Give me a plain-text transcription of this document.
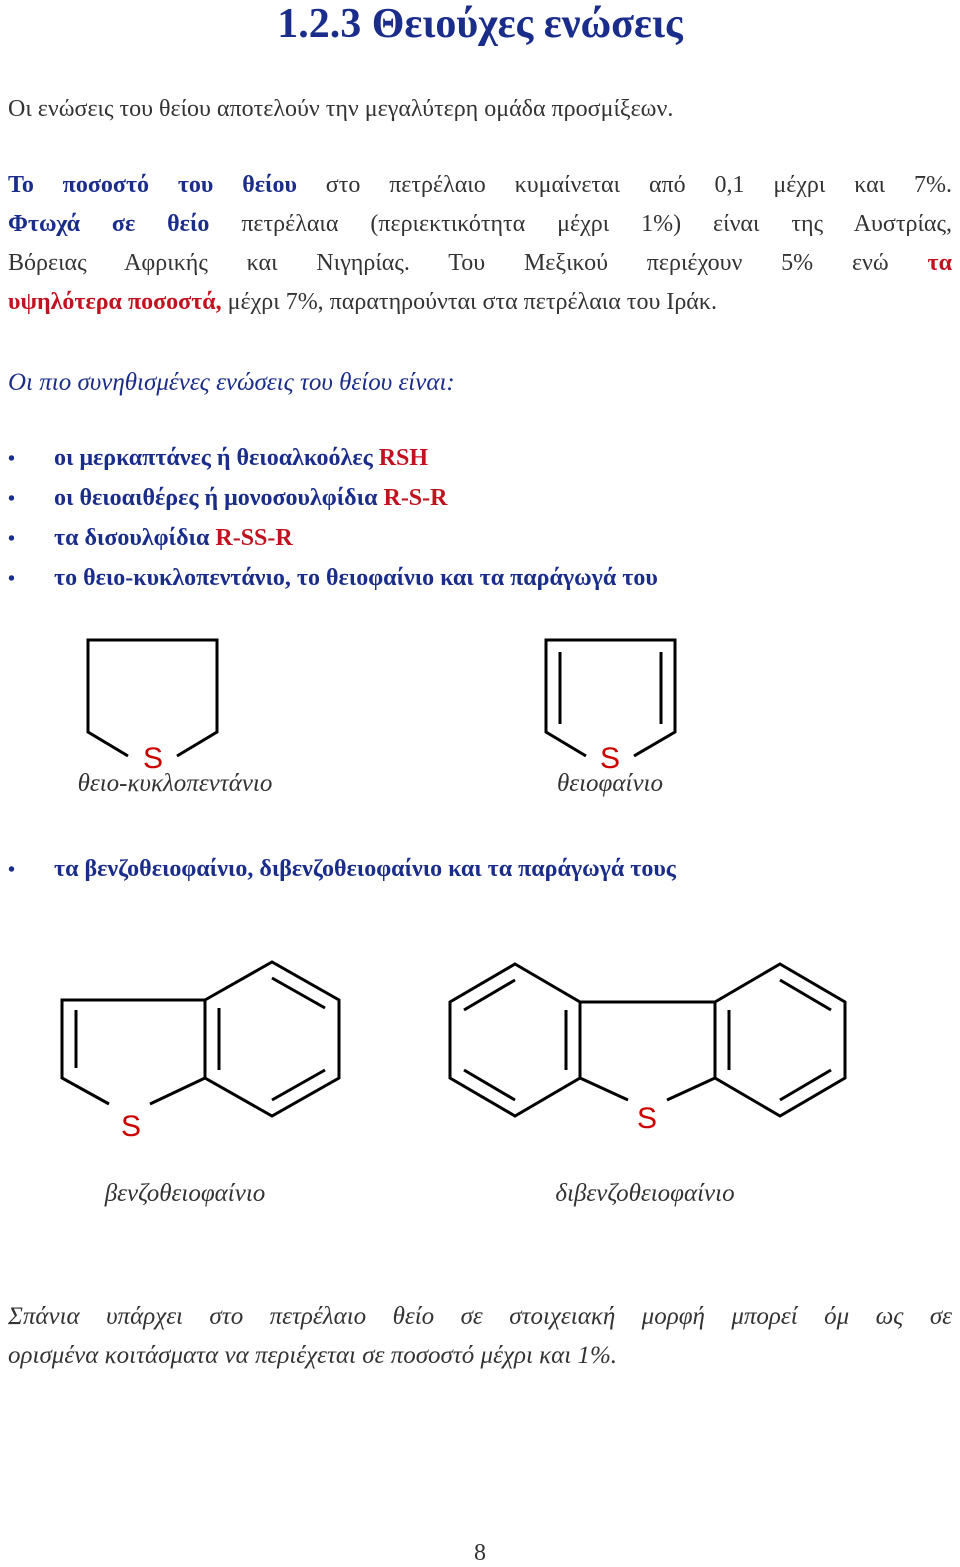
1.2.3 Θειούχες ενώσεις
Οι ενώσεις του θείου αποτελούν την μεγαλύτερη ομάδα προσμίξεων.
Το ποσοστό του θείου στο πετρέλαιο κυμαίνεται από 0,1 μέχρι και 7%.
Φτωχά σε θείο πετρέλαια (περιεκτικότητα μέχρι 1%) είναι της Αυστρίας,
Βόρειας Αφρικής και Νιγηρίας. Του Μεξικού περιέχουν 5% ενώ τα
υψηλότερα ποσοστά, μέχρι 7%, παρατηρούνται στα πετρέλαια του Ιράκ.
Οι πιο συνηθισμένες ενώσεις του θείου είναι:
•	οι μερκαπτάνες ή θειοαλκοόλες RSH
•	οι θειοαιθέρες ή μονοσουλφίδια R-S-R
•	τα δισουλφίδια R-SS-R
•	το θειο-κυκλοπεντάνιο, το θειοφαίνιο και τα παράγωγά του
S
θειο-κυκλοπεντάνιο
S
θειοφαίνιο
•	τα βενζοθειοφαίνιο, διβενζοθειοφαίνιο και τα παράγωγά τους
S
βενζοθειοφαίνιο
S
διβενζοθειοφαίνιο
Σπάνια υπάρχει στο πετρέλαιο θείο σε στοιχειακή μορφή μπορεί όμ ως σε
ορισμένα κοιτάσματα να περιέχεται σε ποσοστό μέχρι και 1%.
8
